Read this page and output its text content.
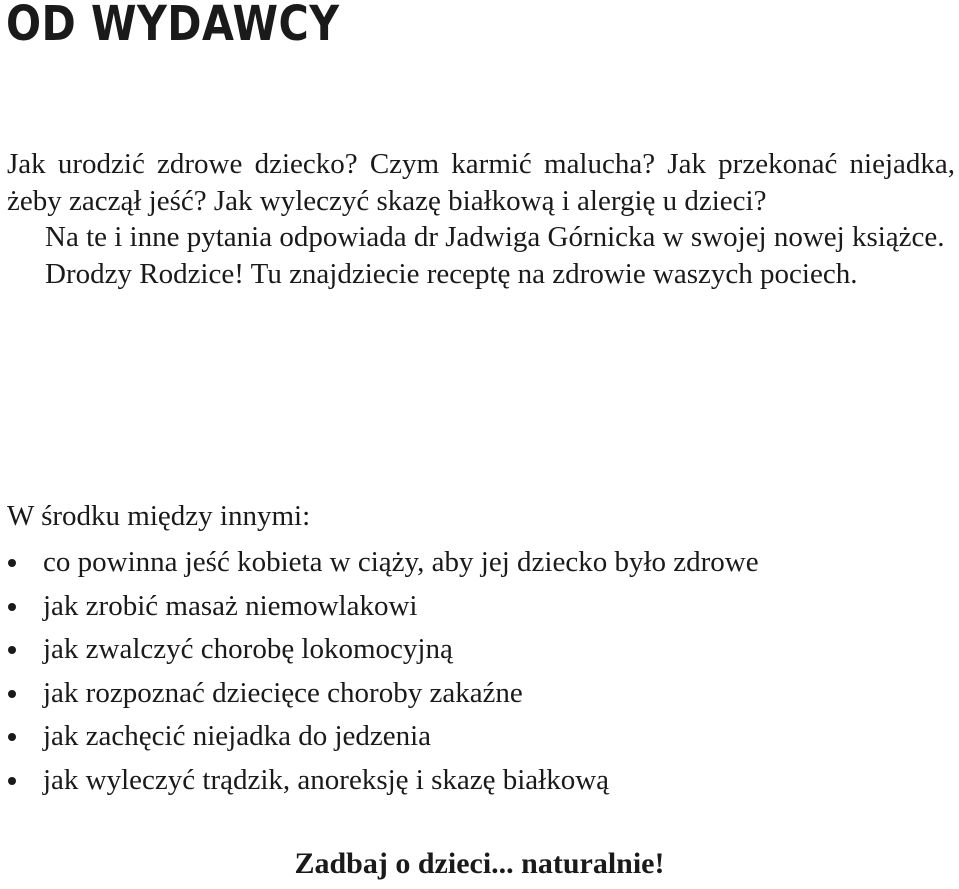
OD WYDAWCY

Jak urodzić zdrowe dziecko? Czym karmić malucha? Jak przekonać niejadka, żeby zaczął jeść? Jak wyleczyć skazę białkową i alergię u dzieci?

Na te i inne pytania odpowiada dr Jadwiga Górnicka w swojej nowej książce.

Drodzy Rodzice! Tu znajdziecie receptę na zdrowie waszych pociech.

W środku między innymi:

co powinna jeść kobieta w ciąży, aby jej dziecko było zdrowe
jak zrobić masaż niemowlakowi
jak zwalczyć chorobę lokomocyjną
jak rozpoznać dziecięce choroby zakaźne
jak zachęcić niejadka do jedzenia
jak wyleczyć trądzik, anoreksję i skazę białkową
Zadbaj o dzieci... naturalnie!
